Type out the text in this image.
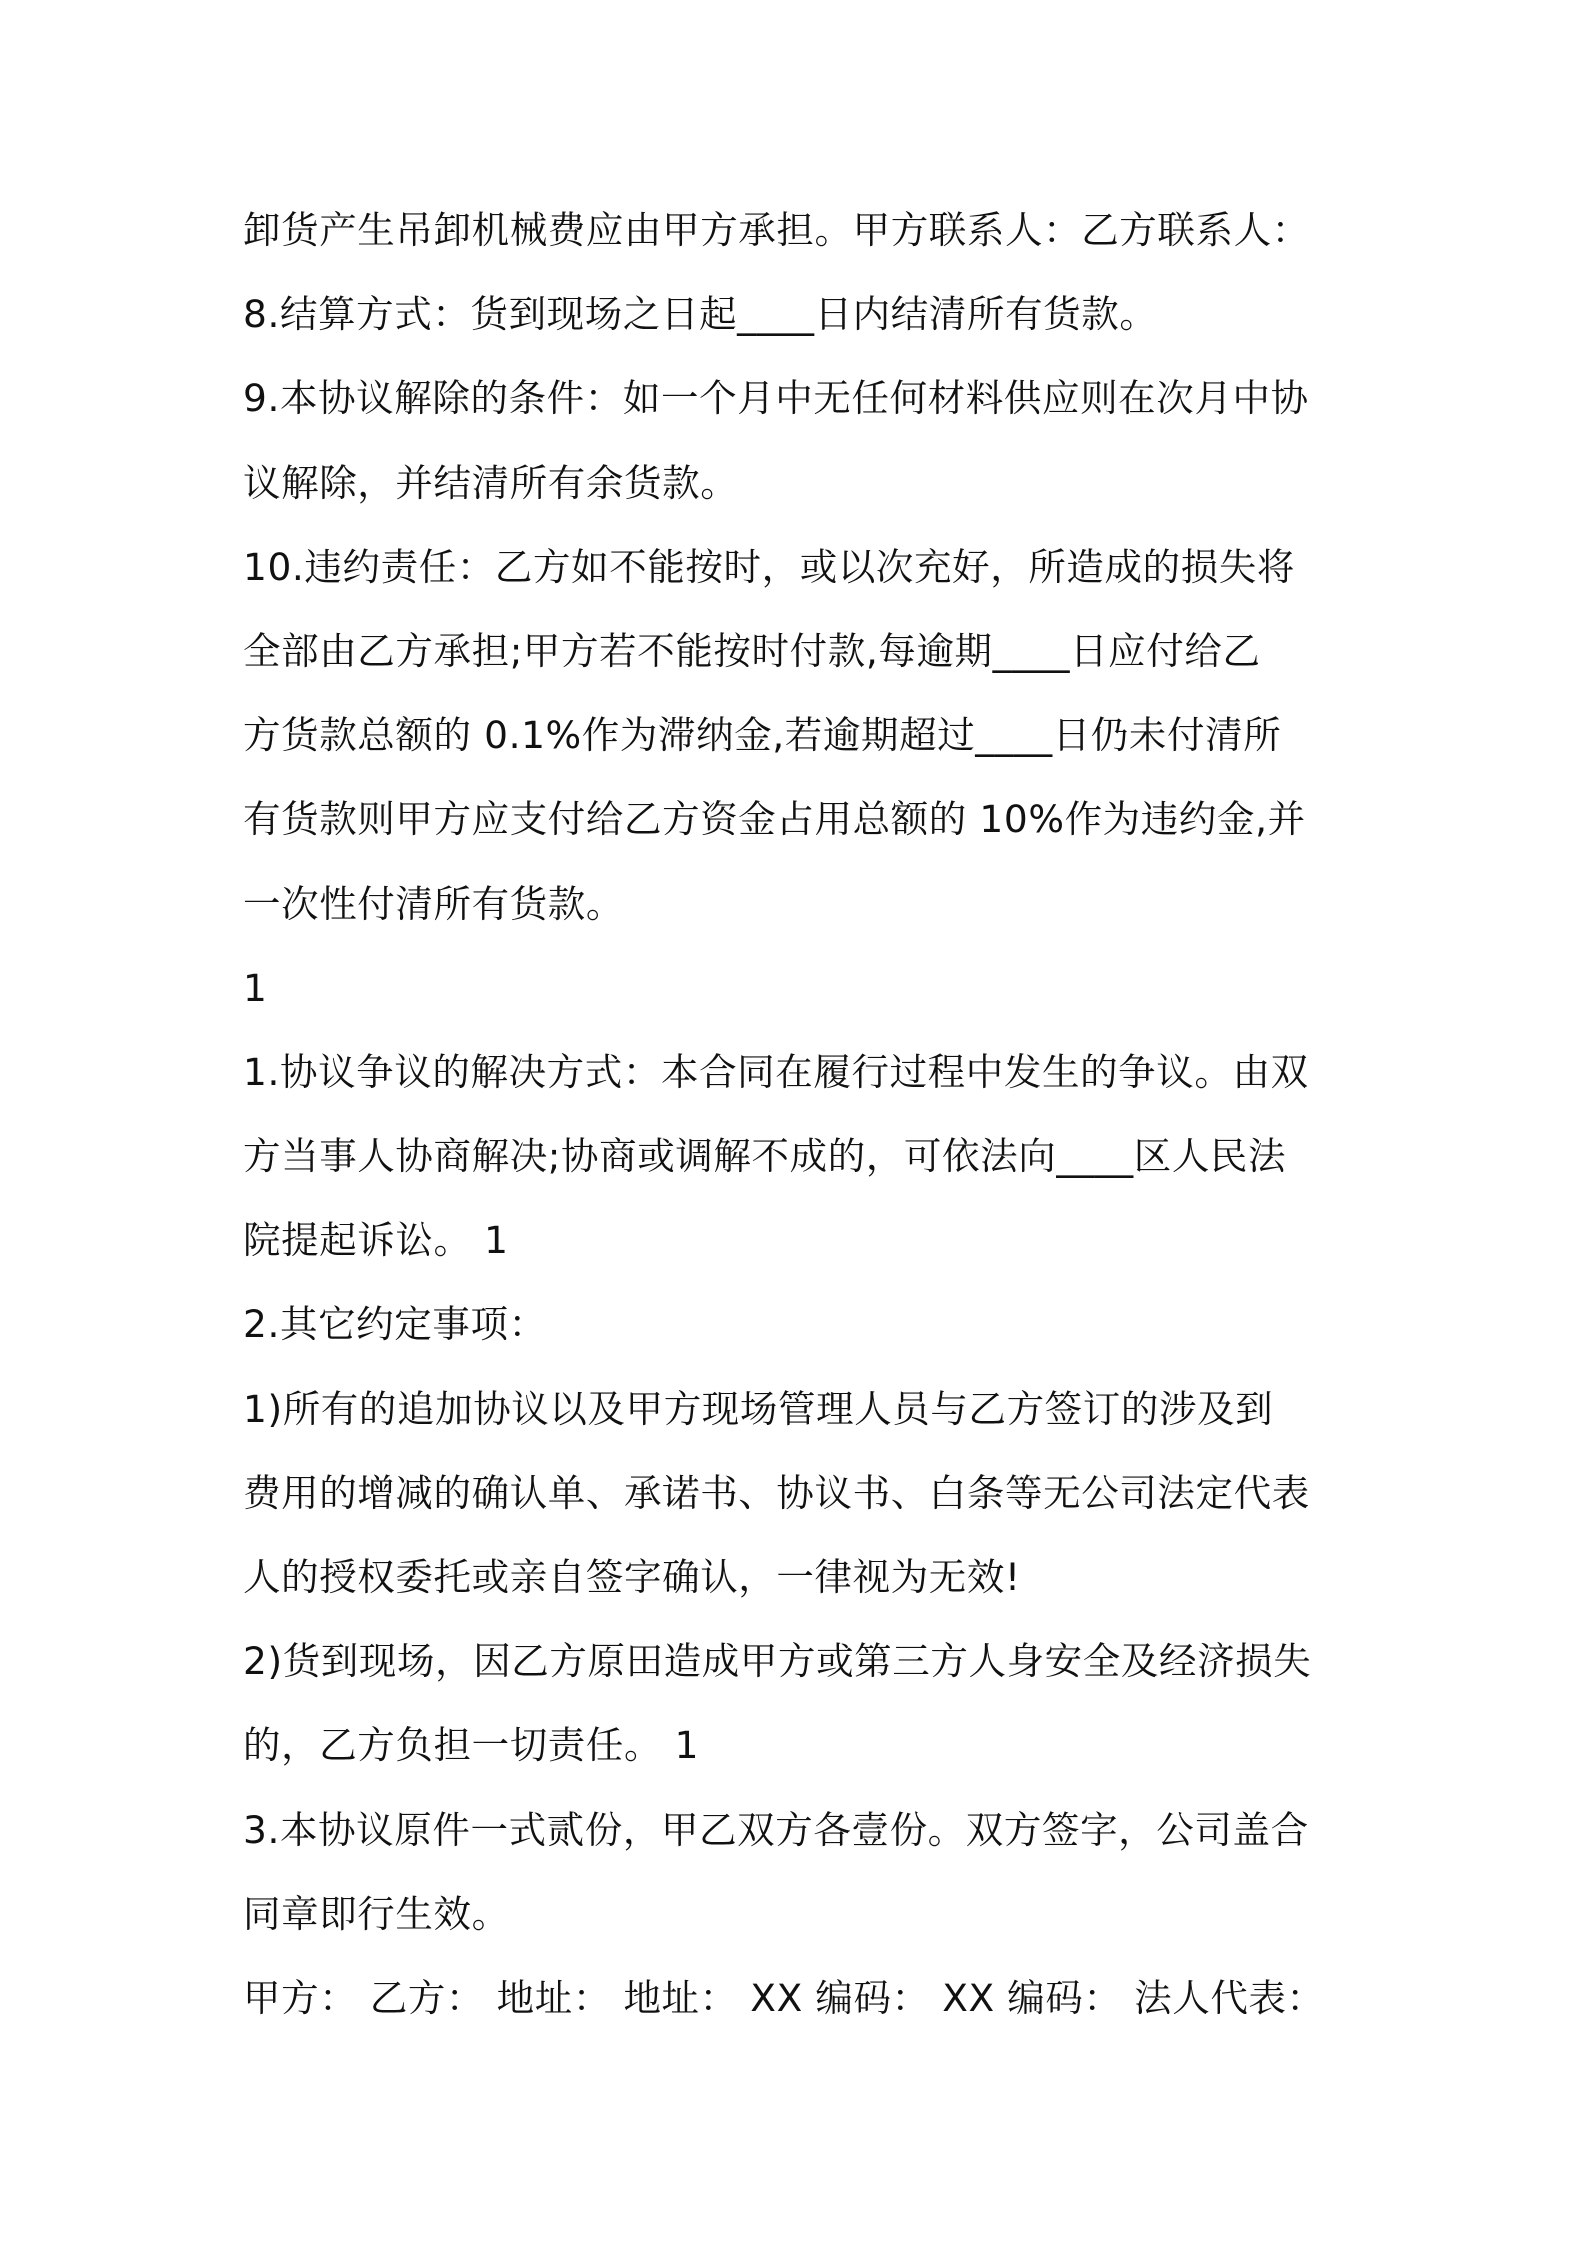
卸货产生吊卸机械费应由甲方承担。甲方联系人：乙方联系人：
8.结算方式：货到现场之日起____日内结清所有货款。
9.本协议解除的条件：如一个月中无任何材料供应则在次月中协
议解除，并结清所有余货款。
10.违约责任：乙方如不能按时，或以次充好，所造成的损失将
全部由乙方承担;甲方若不能按时付款,每逾期____日应付给乙
方货款总额的 0.1%作为滞纳金,若逾期超过____日仍未付清所
有货款则甲方应支付给乙方资金占用总额的 10%作为违约金,并
一次性付清所有货款。
1
1.协议争议的解决方式：本合同在履行过程中发生的争议。由双
方当事人协商解决;协商或调解不成的，可依法向____区人民法
院提起诉讼。 1
2.其它约定事项：
1)所有的追加协议以及甲方现场管理人员与乙方签订的涉及到
费用的增减的确认单、承诺书、协议书、白条等无公司法定代表
人的授权委托或亲自签字确认，一律视为无效!
2)货到现场，因乙方原田造成甲方或第三方人身安全及经济损失
的，乙方负担一切责任。 1
3.本协议原件一式贰份，甲乙双方各壹份。双方签字，公司盖合
同章即行生效。
甲方： 乙方： 地址： 地址： XX 编码： XX 编码： 法人代表：
